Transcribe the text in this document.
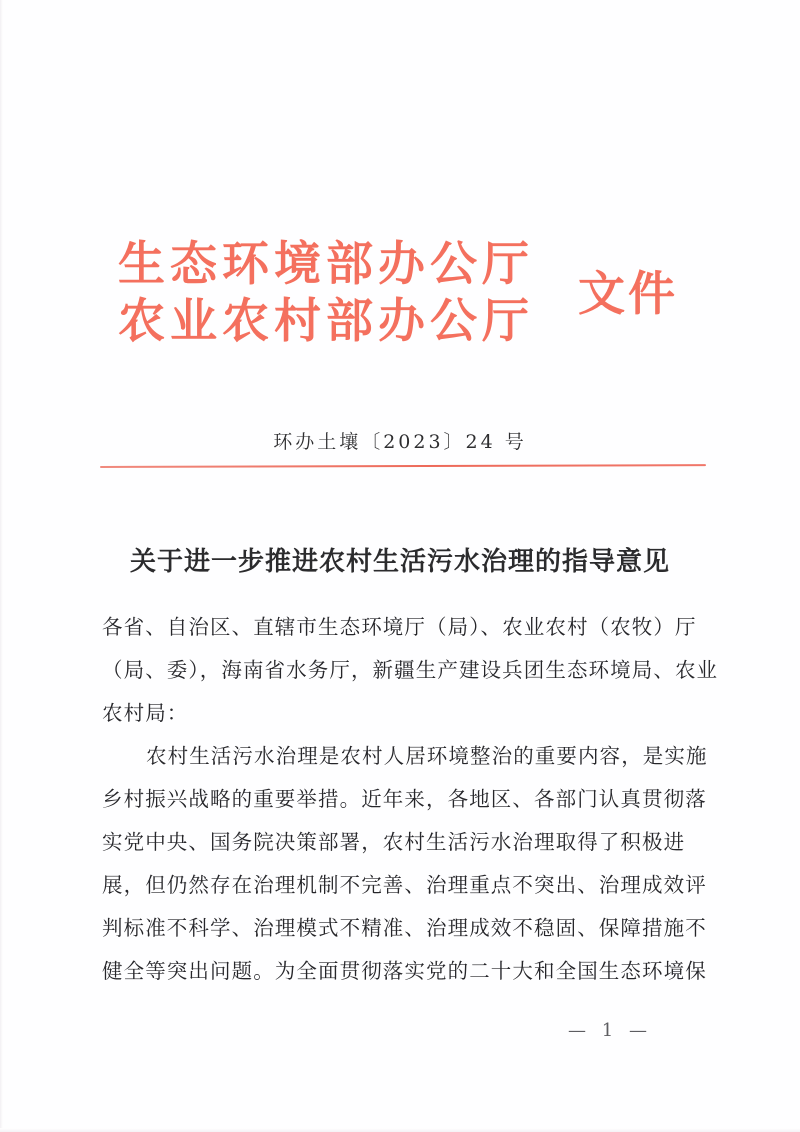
生态环境部办公厅
农业农村部办公厅 文件
环办土壤〔2023〕24 号
关于进一步推进农村生活污水治理的指导意见
各省、自治区、直辖市生态环境厅（局）、农业农村（农牧）厅
（局、委），海南省水务厅，新疆生产建设兵团生态环境局、农业
农村局：
农村生活污水治理是农村人居环境整治的重要内容，是实施
乡村振兴战略的重要举措。近年来，各地区、各部门认真贯彻落
实党中央、国务院决策部署，农村生活污水治理取得了积极进
展，但仍然存在治理机制不完善、治理重点不突出、治理成效评
判标准不科学、治理模式不精准、治理成效不稳固、保障措施不
健全等突出问题。为全面贯彻落实党的二十大和全国生态环境保
— 1 —
